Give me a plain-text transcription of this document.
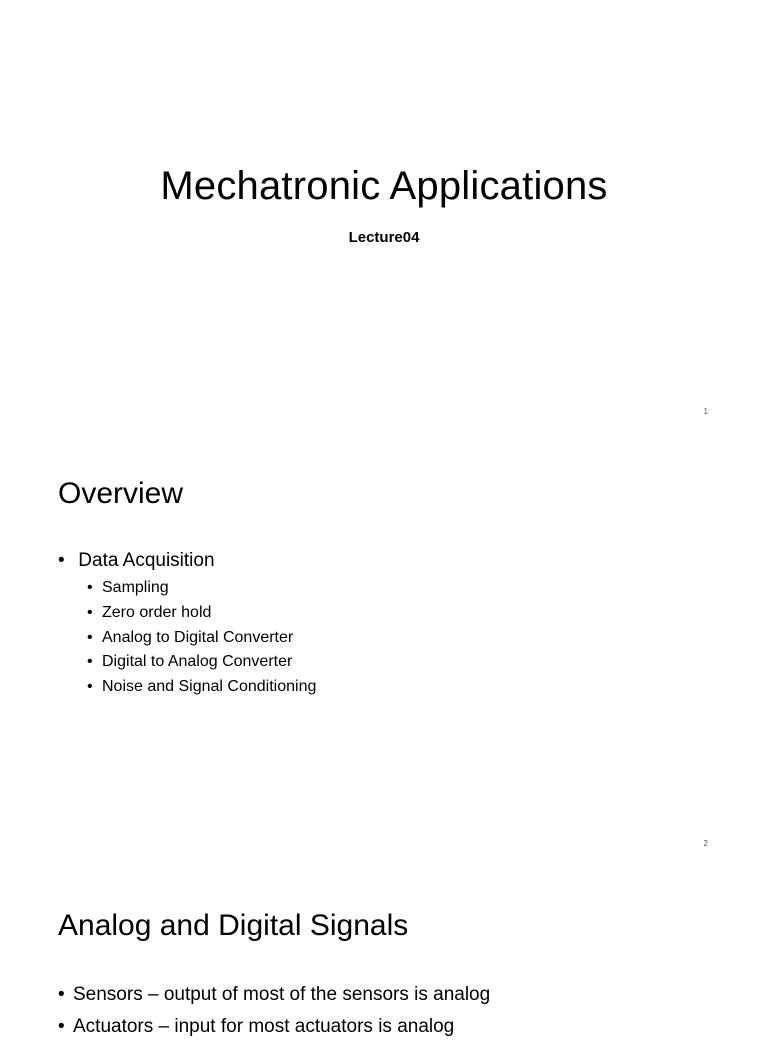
Mechatronic Applications
Lecture04
1
Overview
• Data Acquisition
• Sampling
• Zero order hold
• Analog to Digital Converter
• Digital to Analog Converter
• Noise and Signal Conditioning
2
Analog and Digital Signals
• Sensors – output of most of the sensors is analog
• Actuators – input for most actuators is analog
